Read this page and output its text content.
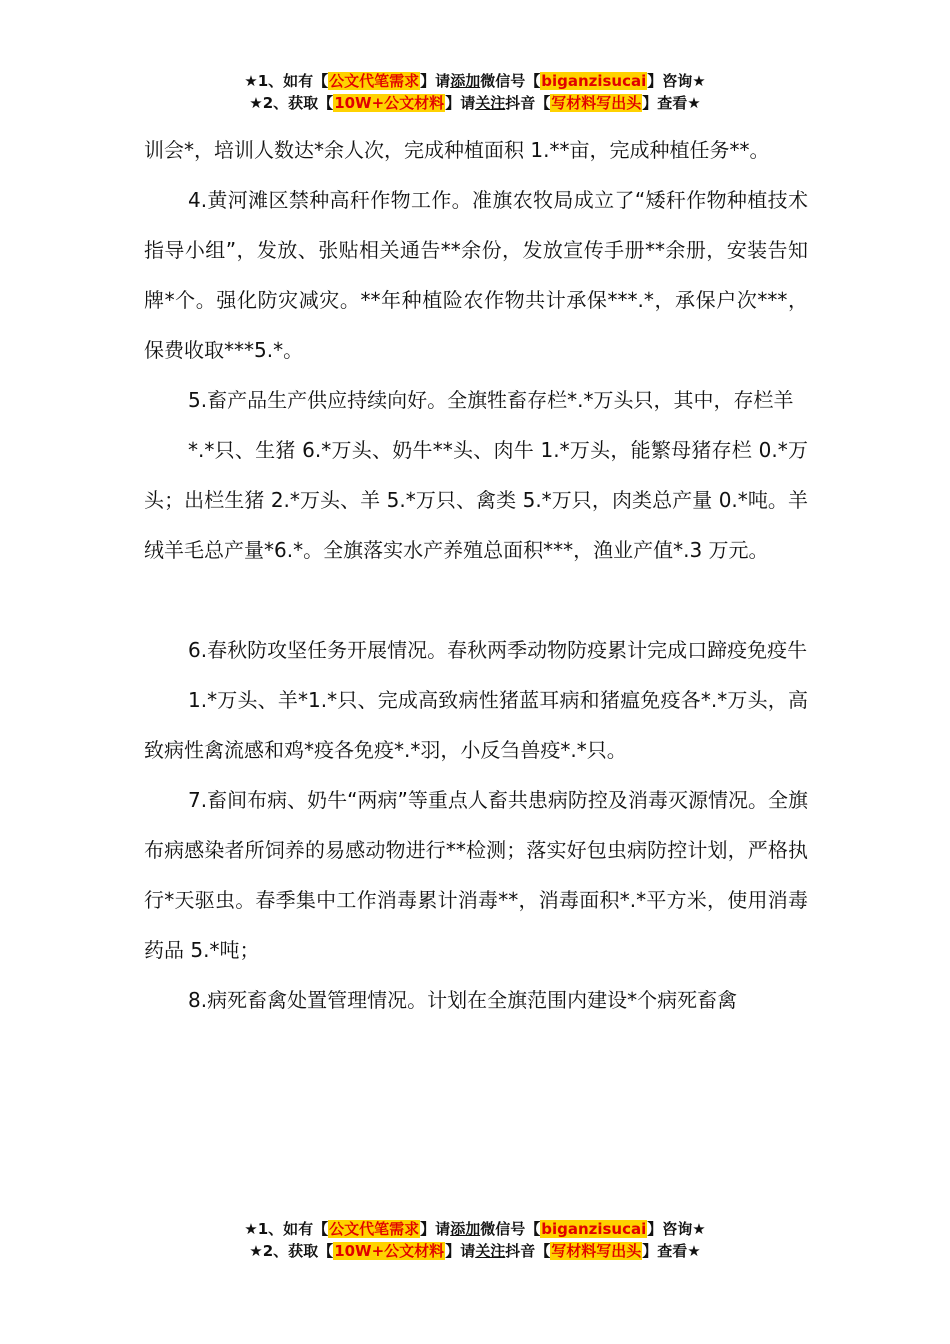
★1、如有【公文代笔需求】请添加微信号【biganzisucai】咨询★
★2、获取【10W+公文材料】请关注抖音【写材料写出头】查看★

训会*，培训人数达*余人次，完成种植面积 1.**亩，完成种植任务**。

4.黄河滩区禁种高秆作物工作。准旗农牧局成立了“矮秆作物种植技术指导小组”，发放、张贴相关通告**余份，发放宣传手册**余册，安装告知牌*个。强化防灾减灾。**年种植险农作物共计承保***.*，承保户次***，保费收取***5.*。

5.畜产品生产供应持续向好。全旗牲畜存栏*.*万头只，其中，存栏羊

*.*只、生猪 6.*万头、奶牛**头、肉牛 1.*万头，能繁母猪存栏 0.*万头；出栏生猪 2.*万头、羊 5.*万只、禽类 5.*万只，肉类总产量 0.*吨。羊绒羊毛总产量*6.*。全旗落实水产养殖总面积***，渔业产值*.3 万元。

6.春秋防攻坚任务开展情况。春秋两季动物防疫累计完成口蹄疫免疫牛

1.*万头、羊*1.*只、完成高致病性猪蓝耳病和猪瘟免疫各*.*万头，高致病性禽流感和鸡*疫各免疫*.*羽，小反刍兽疫*.*只。

7.畜间布病、奶牛“两病”等重点人畜共患病防控及消毒灭源情况。全旗 布病感染者所饲养的易感动物进行**检测；落实好包虫病防控计划，严格执行*天驱虫。春季集中工作消毒累计消毒**，消毒面积*.*平方米，使用消毒药品 5.*吨；

8.病死畜禽处置管理情况。计划在全旗范围内建设*个病死畜禽

★1、如有【公文代笔需求】请添加微信号【biganzisucai】咨询★
★2、获取【10W+公文材料】请关注抖音【写材料写出头】查看★
